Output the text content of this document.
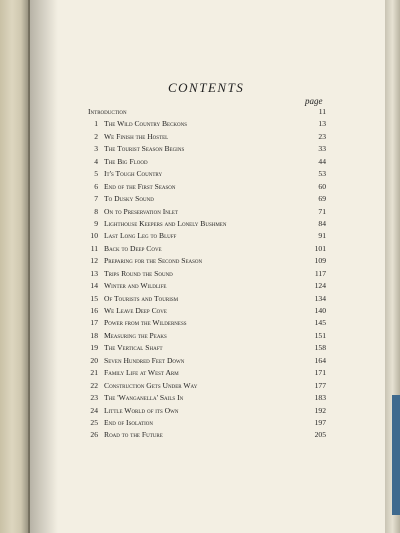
CONTENTS
page
Introduction	11
1 The Wild Country Beckons	13
2 We Finish the Hostel	23
3 The Tourist Season Begins	33
4 The Big Flood	44
5 It's Tough Country	53
6 End of the First Season	60
7 To Dusky Sound	69
8 On to Preservation Inlet	71
9 Lighthouse Keepers and Lonely Bushmen	84
10 Last Long Leg to Bluff	91
11 Back to Deep Cove	101
12 Preparing for the Second Season	109
13 Trips Round the Sound	117
14 Winter and Wildlife	124
15 Of Tourists and Tourism	134
16 We Leave Deep Cove	140
17 Power from the Wilderness	145
18 Measuring the Peaks	151
19 The Vertical Shaft	158
20 Seven Hundred Feet Down	164
21 Family Life at West Arm	171
22 Construction Gets Under Way	177
23 The 'Wanganella' Sails In	183
24 Little World of its Own	192
25 End of Isolation	197
26 Road to the Future	205
